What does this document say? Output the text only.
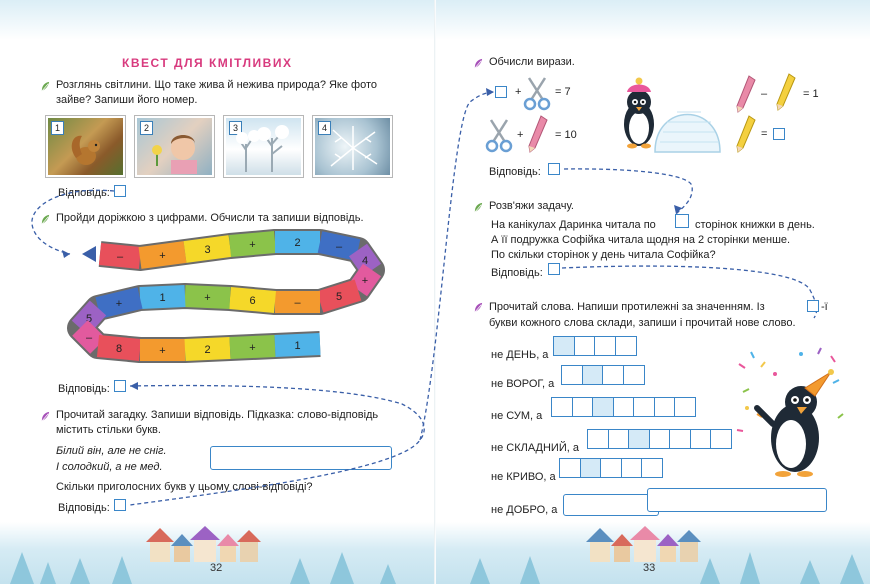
КВЕСТ ДЛЯ КМІТЛИВИХ
Розглянь світлини. Що таке жива й нежива природа? Яке фото зайве? Запиши його номер.
1	2	3	4
Відповідь:
Пройди доріжкою з цифрами. Обчисли та запиши відповідь.
–	+	3	+	2	–
4
+
5
–
6
+
1
+
5
–
8	+	2	+	1
Відповідь:
Прочитай загадку. Запиши відповідь. Підказка: слово-відповідь містить стільки букв.
Білий він, але не сніг.
І солодкий, а не мед.
Скільки приголосних букв у цьому слові-відповіді?
Відповідь:
32
Обчисли вирази.
+	= 7
+	= 10
–	= 1
=
Відповідь:
Розв'яжи задачу.
На канікулах Даринка читала по	сторінок книжки в день.
А її подружка Софійка читала щодня на 2 сторінки менше.
По скільки сторінок у день читала Софійка?
Відповідь:
Прочитай слова. Напиши протилежні за значенням. Із	-ї
букви кожного слова склади, запиши і прочитай нове слово.
не ДЕНЬ, а
не ВОРОГ, а
не СУМ, а
не СКЛАДНИЙ, а
не КРИВО, а
не ДОБРО, а
33
